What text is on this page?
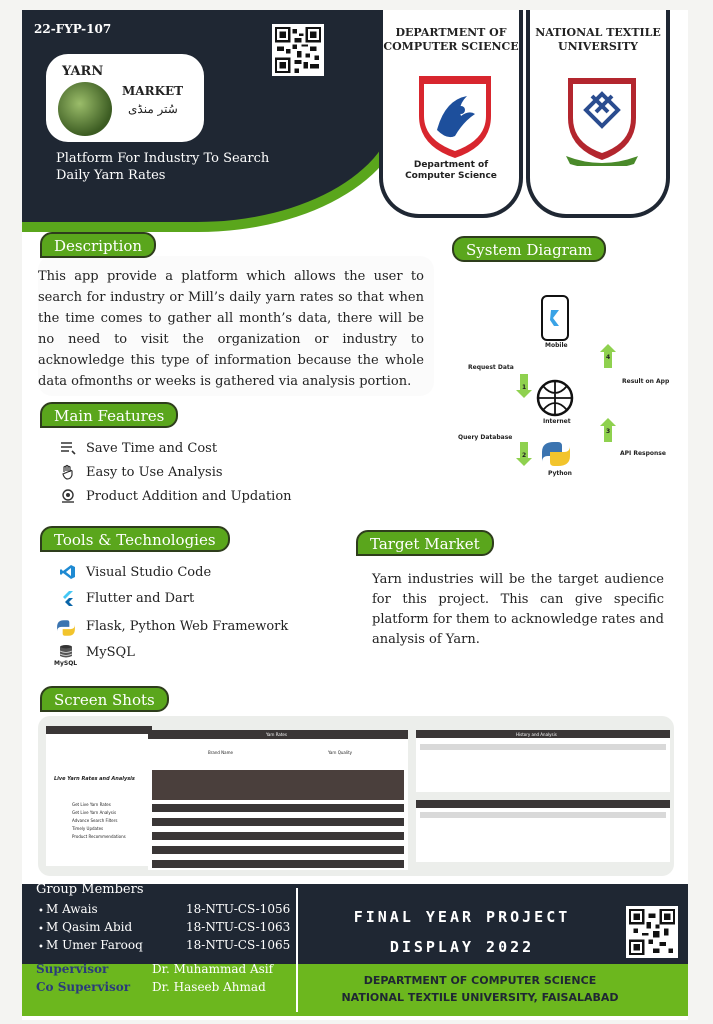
22-FYP-107
YARN
MARKET
سُتر منڈی
Platform For Industry To Search
Daily Yarn Rates
DEPARTMENT OF
COMPUTER SCIENCE
Department of
Computer Science
NATIONAL TEXTILE
UNIVERSITY
Description
This app provide a platform which allows the user to search for industry or Mill’s daily yarn rates so that when the time comes to gather all month’s data, there will be no need to visit the organization or industry to acknowledge this type of information because the whole data ofmonths or weeks is gathered via analysis portion.
Mobile
Internet
Python
Request Data
Query Database
Result on App
API Response
1
2
3
4
System Diagram
Main Features
Save Time and Cost
Easy to Use Analysis
Product Addition and Updation
Tools & Technologies
Visual Studio Code
Flutter and Dart
Flask, Python Web Framework
MySQL
MySQL
Target Market
Yarn industries will be the target audience for this project. This can give specific platform for them to acknowledge rates and analysis of Yarn.
Screen Shots
Live Yarn Rates and Analysis
Get Live Yarn Rates
Get Live Yarn Analysis
Advance Search Filters
Timely Updates
Product Recommendations
Yarn Rates
Brand Name	Yarn Quality
History and Analysis
Group Members
M Awais	18-NTU-CS-1056
M Qasim Abid	18-NTU-CS-1063
M Umer Farooq	18-NTU-CS-1065
•
•
•
Supervisor	Dr. Muhammad Asif
Co Supervisor Dr. Haseeb Ahmad
FINAL YEAR PROJECT
DISPLAY 2022
DEPARTMENT OF COMPUTER SCIENCE
NATIONAL TEXTILE UNIVERSITY, FAISALABAD
